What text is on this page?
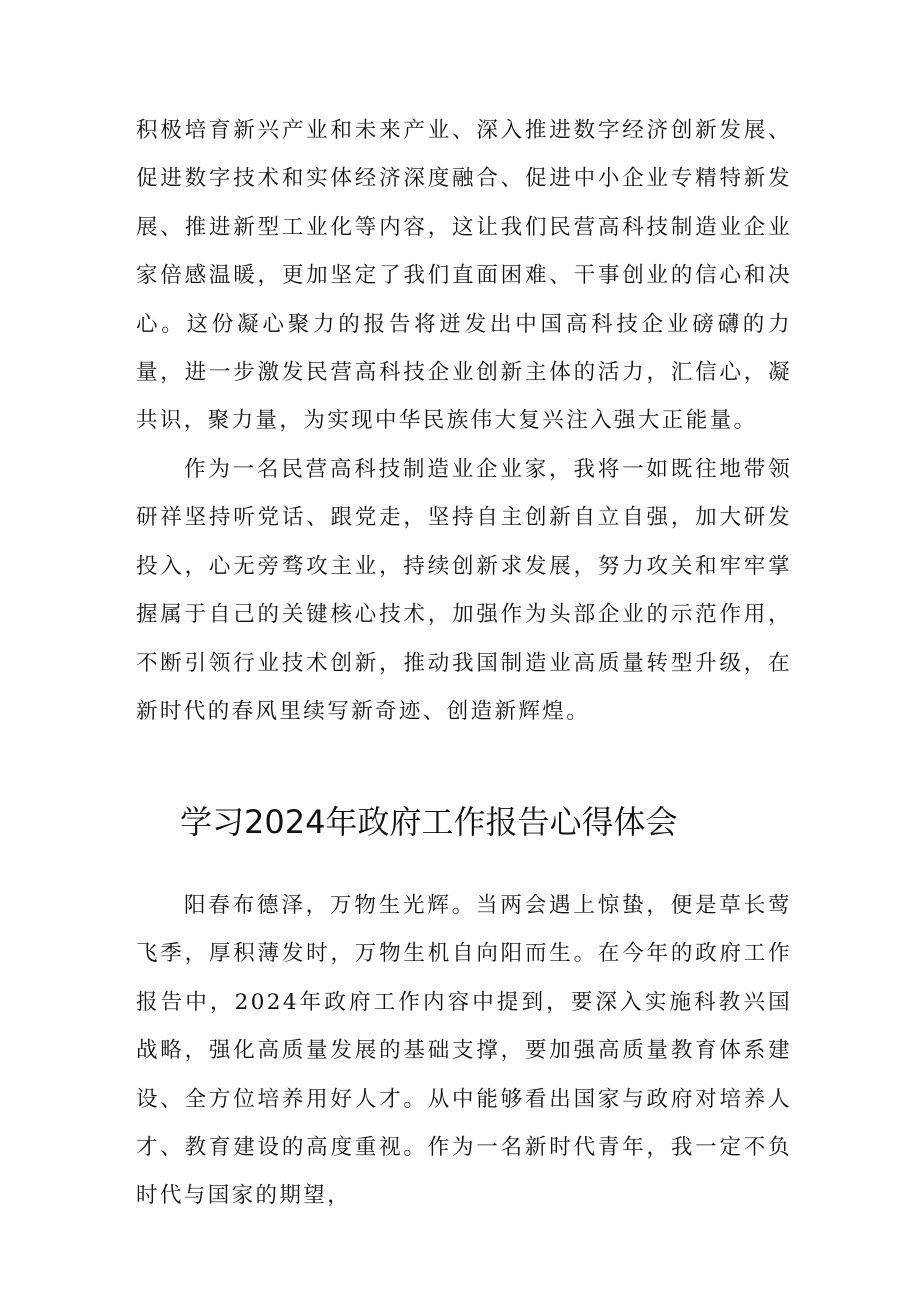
积极培育新兴产业和未来产业、深入推进数字经济创新发展、促进数字技术和实体经济深度融合、促进中小企业专精特新发展、推进新型工业化等内容，这让我们民营高科技制造业企业家倍感温暖，更加坚定了我们直面困难、干事创业的信心和决心。这份凝心聚力的报告将迸发出中国高科技企业磅礴的力量，进一步激发民营高科技企业创新主体的活力，汇信心，凝共识，聚力量，为实现中华民族伟大复兴注入强大正能量。

作为一名民营高科技制造业企业家，我将一如既往地带领研祥坚持听党话、跟党走，坚持自主创新自立自强，加大研发投入，心无旁骛攻主业，持续创新求发展，努力攻关和牢牢掌握属于自己的关键核心技术，加强作为头部企业的示范作用，不断引领行业技术创新，推动我国制造业高质量转型升级，在新时代的春风里续写新奇迹、创造新辉煌。

学习2024年政府工作报告心得体会

阳春布德泽，万物生光辉。当两会遇上惊蛰，便是草长莺飞季，厚积薄发时，万物生机自向阳而生。在今年的政府工作报告中，2024年政府工作内容中提到，要深入实施科教兴国战略，强化高质量发展的基础支撑，要加强高质量教育体系建设、全方位培养用好人才。从中能够看出国家与政府对培养人才、教育建设的高度重视。作为一名新时代青年，我一定不负时代与国家的期望，
